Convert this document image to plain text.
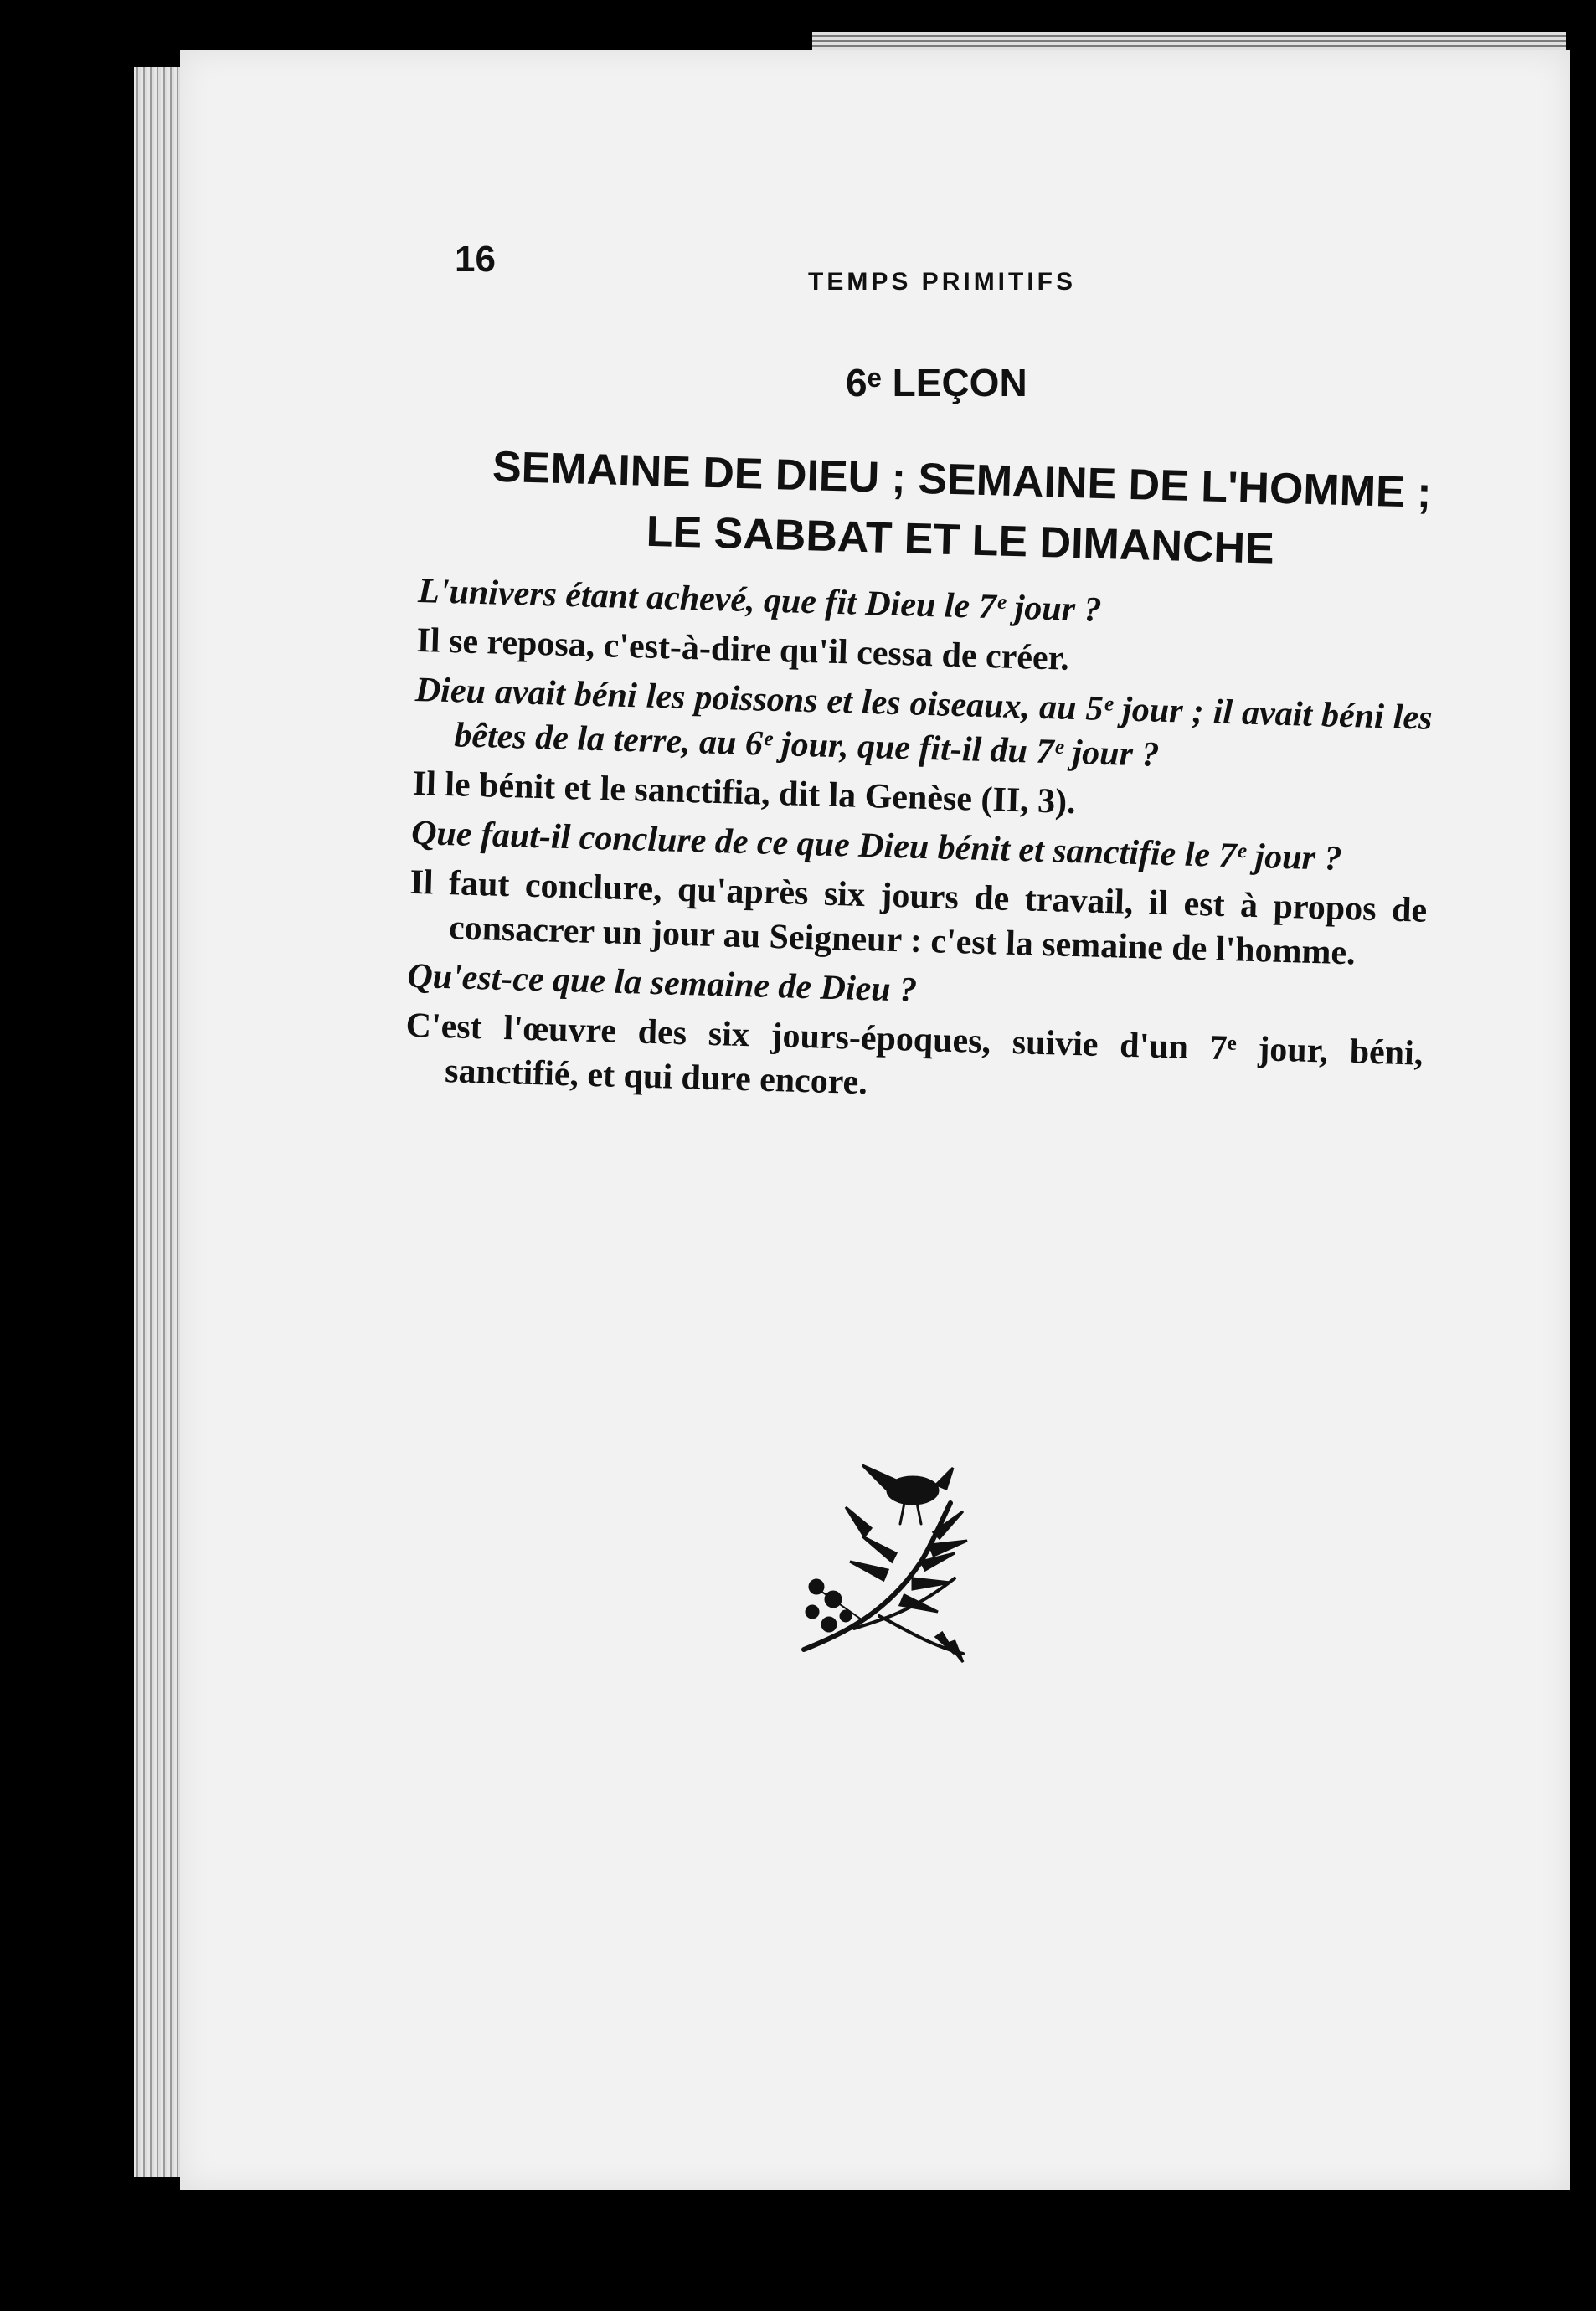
16
TEMPS PRIMITIFS
6ᵉ LEÇON
SEMAINE DE DIEU ; SEMAINE DE L'HOMME ;
LE SABBAT ET LE DIMANCHE

L'univers étant achevé, que fit Dieu le 7ᵉ jour ?

Il se reposa, c'est-à-dire qu'il cessa de créer.

Dieu avait béni les poissons et les oiseaux, au 5ᵉ jour ; il avait béni les bêtes de la terre, au 6ᵉ jour, que fit-il du 7ᵉ jour ?

Il le bénit et le sanctifia, dit la Genèse (II, 3).

Que faut-il conclure de ce que Dieu bénit et sanctifie le 7ᵉ jour ?

Il faut conclure, qu'après six jours de travail, il est à propos de consacrer un jour au Seigneur : c'est la semaine de l'homme.

Qu'est-ce que la semaine de Dieu ?

C'est l'œuvre des six jours-époques, suivie d'un 7ᵉ jour, béni, sanctifié, et qui dure encore.
